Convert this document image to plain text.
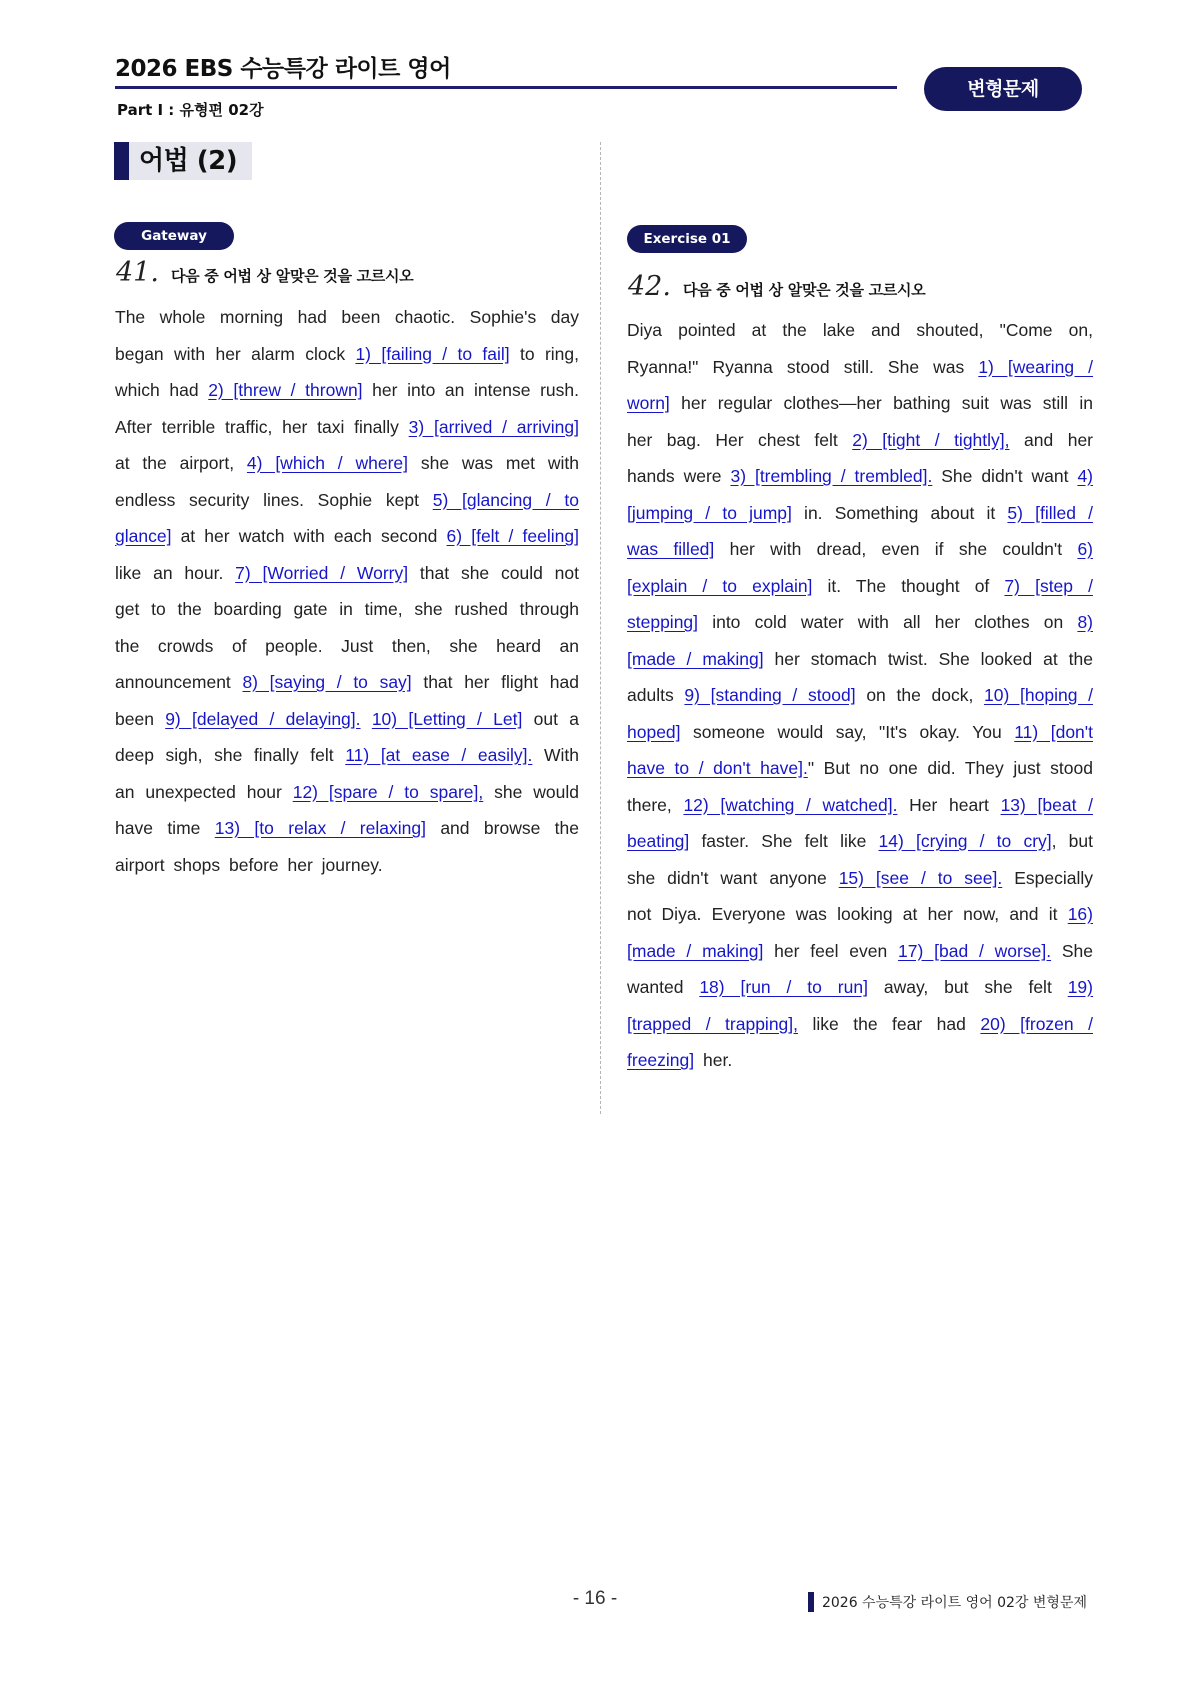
2026 EBS 수능특강 라이트 영어
Part Ⅰ : 유형편 02강
변형문제
어법 (2)
Gateway
41. 다음 중 어법 상 알맞은 것을 고르시오

The whole morning had been chaotic. Sophie's day began with her alarm clock 1) [failing / to fail] to ring, which had 2) [threw / thrown] her into an intense rush. After terrible traffic, her taxi finally 3) [arrived / arriving] at the airport, 4) [which / where] she was met with endless security lines. Sophie kept 5) [glancing / to glance] at her watch with each second 6) [felt / feeling] like an hour. 7) [Worried / Worry] that she could not get to the boarding gate in time, she rushed through the crowds of people. Just then, she heard an announcement 8) [saying / to say] that her flight had been 9) [delayed / delaying]. 10) [Letting / Let] out a deep sigh, she finally felt 11) [at ease / easily]. With an unexpected hour 12) [spare / to spare], she would have time 13) [to relax / relaxing] and browse the airport shops before her journey.

Exercise 01
42. 다음 중 어법 상 알맞은 것을 고르시오

Diya pointed at the lake and shouted, "Come on, Ryanna!" Ryanna stood still. She was 1) [wearing / worn] her regular clothes—her bathing suit was still in her bag. Her chest felt 2) [tight / tightly], and her hands were 3) [trembling / trembled]. She didn't want 4) [jumping / to jump] in. Something about it 5) [filled / was filled] her with dread, even if she couldn't 6) [explain / to explain] it. The thought of 7) [step / stepping] into cold water with all her clothes on 8) [made / making] her stomach twist. She looked at the adults 9) [standing / stood] on the dock, 10) [hoping / hoped] someone would say, "It's okay. You 11) [don't have to / don't have]." But no one did. They just stood there, 12) [watching / watched]. Her heart 13) [beat / beating] faster. She felt like 14) [crying / to cry], but she didn't want anyone 15) [see / to see]. Especially not Diya. Everyone was looking at her now, and it 16) [made / making] her feel even 17) [bad / worse]. She wanted 18) [run / to run] away, but she felt 19) [trapped / trapping], like the fear had 20) [frozen / freezing] her.

- 16 -	2026 수능특강 라이트 영어 02강 변형문제
